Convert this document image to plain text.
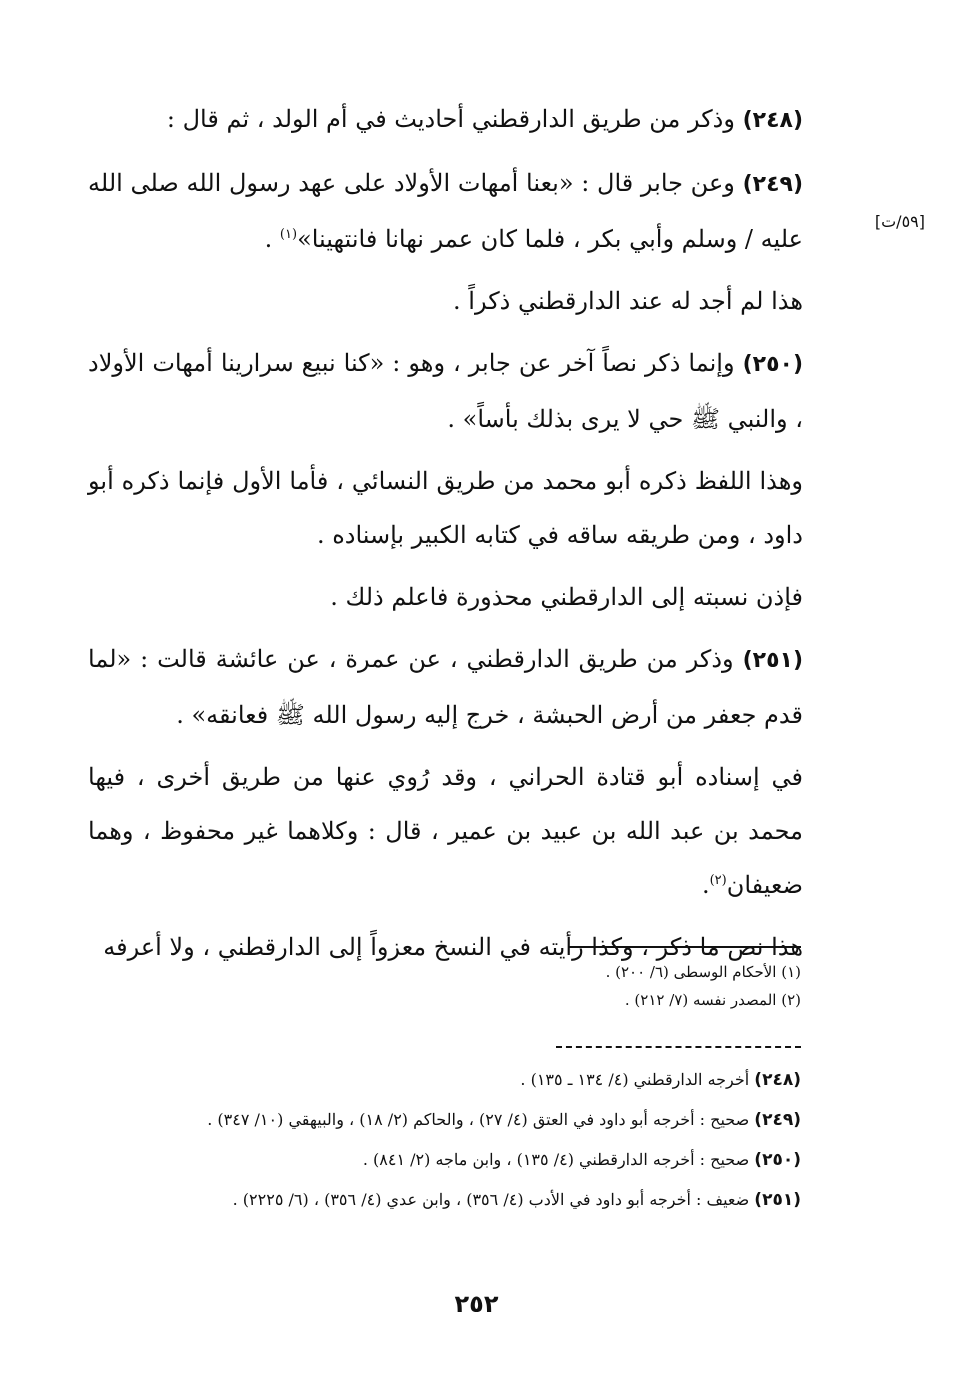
(٢٤٨) وذكر من طريق الدارقطني أحاديث في أم الولد ، ثم قال :

(٢٤٩) وعن جابر قال : «بعنا أمهات الأولاد على عهد رسول الله صلى الله عليه / وسلم وأبي بكر ، فلما كان عمر نهانا فانتهينا»$^{(١)}$ .

هذا لم أجد له عند الدارقطني ذكراً .

(٢٥٠) وإنما ذكر نصاً آخر عن جابر ، وهو : «كنا نبيع سرارينا أمهات الأولاد ، والنبي ﷺ حي لا يرى بذلك بأساً» .

وهذا اللفظ ذكره أبو محمد من طريق النسائي ، فأما الأول فإنما ذكره أبو داود ، ومن طريقه ساقه في كتابه الكبير بإسناده .

فإذن نسبته إلى الدارقطني محذورة فاعلم ذلك .

(٢٥١) وذكر من طريق الدارقطني ، عن عمرة ، عن عائشة قالت : «لما قدم جعفر من أرض الحبشة ، خرج إليه رسول الله ﷺ فعانقه» .

في إسناده أبو قتادة الحراني ، وقد رُوي عنها من طريق أخرى ، فيها محمد بن عبد الله بن عبيد بن عمير ، قال : وكلاهما غير محفوظ ، وهما ضعيفان$^{(٢)}$.

هذا نص ما ذكر ، وكذا رأيته في النسخ معزواً إلى الدارقطني ، ولا أعرفه

[٥٩/ت]

(١) الأحكام الوسطى (٦/ ٢٠٠) .

(٢) المصدر نفسه (٧/ ٢١٢) .

(٢٤٨) أخرجه الدارقطني (٤/ ١٣٤ ـ ١٣٥) .

(٢٤٩) صحيح : أخرجه أبو داود في العتق (٤/ ٢٧) ، والحاكم (٢/ ١٨) ، والبيهقي (١٠/ ٣٤٧) .

(٢٥٠) صحيح : أخرجه الدارقطني (٤/ ١٣٥) ، وابن ماجه (٢/ ٨٤١) .

(٢٥١) ضعيف : أخرجه أبو داود في الأدب (٤/ ٣٥٦) ، وابن عدي (٤/ ٣٥٦) ، (٦/ ٢٢٢٥) .

٢٥٢
